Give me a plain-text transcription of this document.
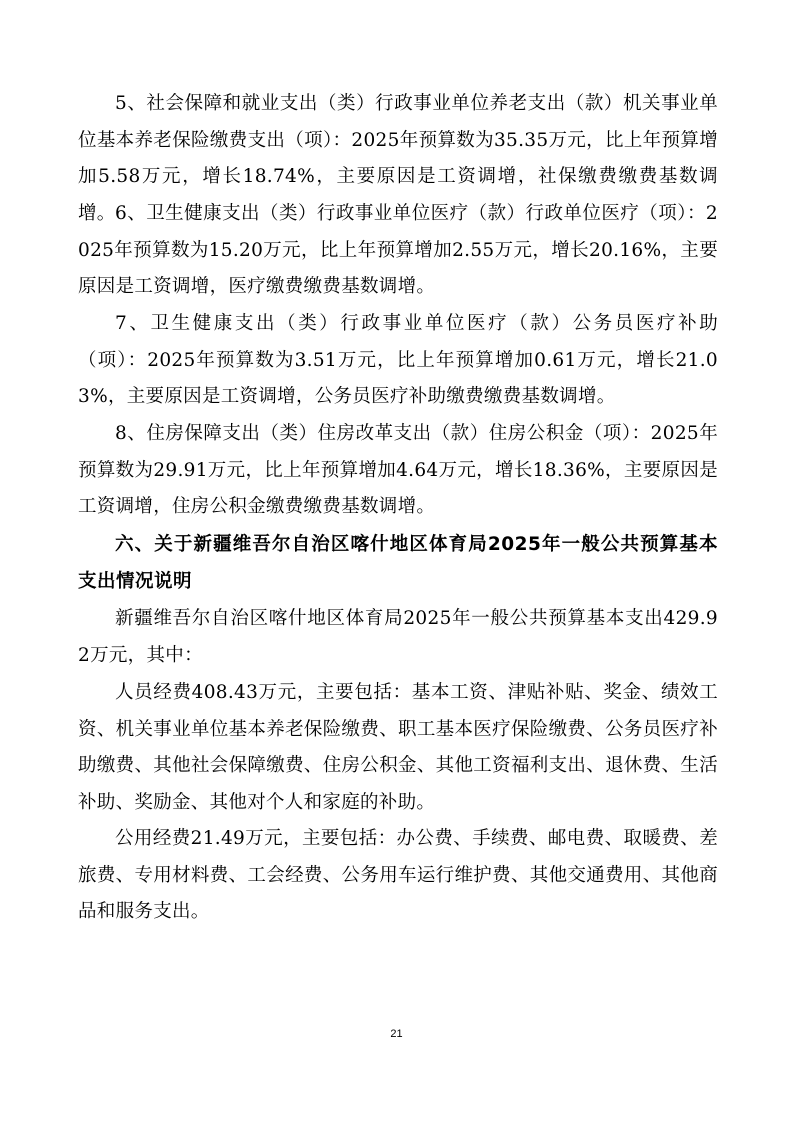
5、社会保障和就业支出（类）行政事业单位养老支出（款）机关事业单位基本养老保险缴费支出（项）：2025年预算数为35.35万元，比上年预算增加5.58万元，增长18.74%，主要原因是工资调增，社保缴费缴费基数调增。 6、卫生健康支出（类）行政事业单位医疗（款）行政单位医疗（项）：2025年预算数为15.20万元，比上年预算增加2.55万元，增长20.16%，主要原因是工资调增，医疗缴费缴费基数调增。

7、卫生健康支出（类）行政事业单位医疗（款）公务员医疗补助（项）：2025年预算数为3.51万元，比上年预算增加0.61万元，增长21.03%，主要原因是工资调增，公务员医疗补助缴费缴费基数调增。

8、住房保障支出（类）住房改革支出（款）住房公积金（项）：2025年预算数为29.91万元，比上年预算增加4.64万元，增长18.36%，主要原因是工资调增，住房公积金缴费缴费基数调增。

六、关于新疆维吾尔自治区喀什地区体育局2025年一般公共预算基本支出情况说明

新疆维吾尔自治区喀什地区体育局2025年一般公共预算基本支出429.92万元，其中：

人员经费408.43万元，主要包括：基本工资、津贴补贴、奖金、绩效工资、机关事业单位基本养老保险缴费、职工基本医疗保险缴费、公务员医疗补助缴费、其他社会保障缴费、住房公积金、其他工资福利支出、退休费、生活补助、奖励金、其他对个人和家庭的补助。

公用经费21.49万元，主要包括：办公费、手续费、邮电费、取暖费、差旅费、专用材料费、工会经费、公务用车运行维护费、其他交通费用、其他商品和服务支出。

21
